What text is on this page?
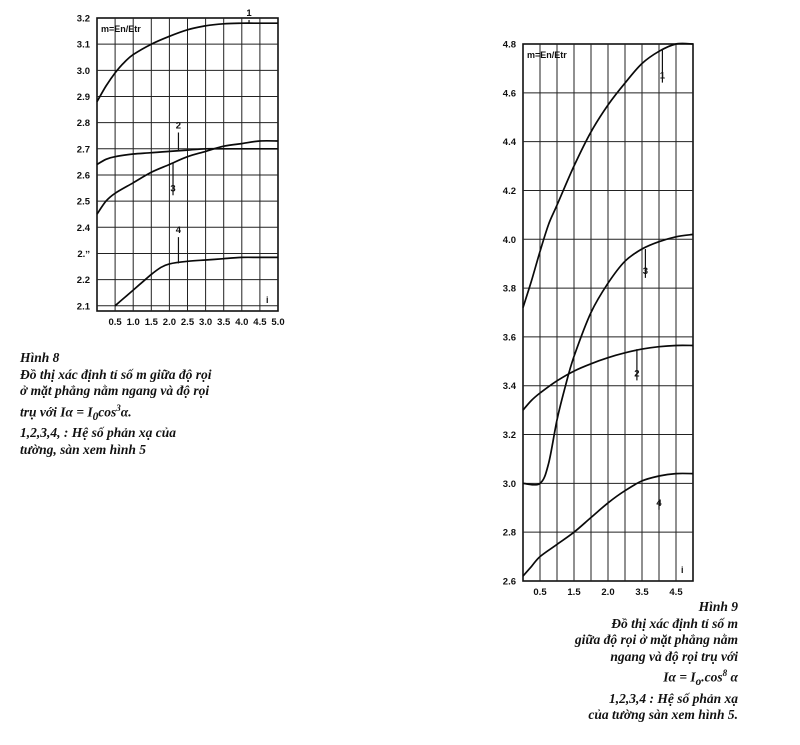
2.1
2.2
2.ˮ
2.4
2.5
2.6
2.7
2.8
2.9
3.0
3.1
3.2
0.5 1.0 1.5 2.0 2.5 3.0 3.5 4.0 4.5 5.0
1
2
3
4
m=En/Etr
i
2.6
2.8
3.0
3.2
3.4
3.6
3.8
4.0
4.2
4.4
4.6
4.8
0.5 1.5 2.0 3.5 4.5
1
2
3
4
m=En/Etr
i
Hình 8
Đồ thị xác định tỉ số m giữa độ rọi
ở mặt phẳng nằm ngang và độ rọi
trụ với $I\alpha = I_0\cos^3\alpha$.
1,2,3,4, : Hệ số phản xạ của
tường, sàn xem hình 5
Hình 9
Đồ thị xác định tỉ số m
giữa độ rọi ở mặt phẳng nằm
ngang và độ rọi trụ với
$I\alpha = I_o.\cos^8$ α
1,2,3,4 : Hệ số phản xạ
của tường sàn xem hình 5.
